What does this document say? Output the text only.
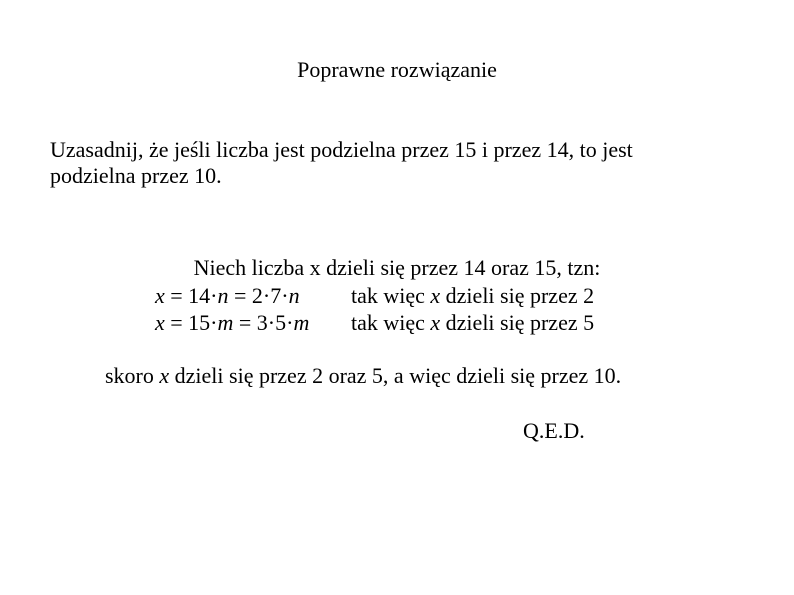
Poprawne rozwiązanie
Uzasadnij, że jeśli liczba jest podzielna przez 15 i przez 14, to jest
podzielna przez 10.
Niech liczba x dzieli się przez 14 oraz 15, tzn:
x = 14·n = 2·7·n tak więc x dzieli się przez 2
x = 15·m = 3·5·m tak więc x dzieli się przez 5
skoro x dzieli się przez 2 oraz 5, a więc dzieli się przez 10.
Q.E.D.
